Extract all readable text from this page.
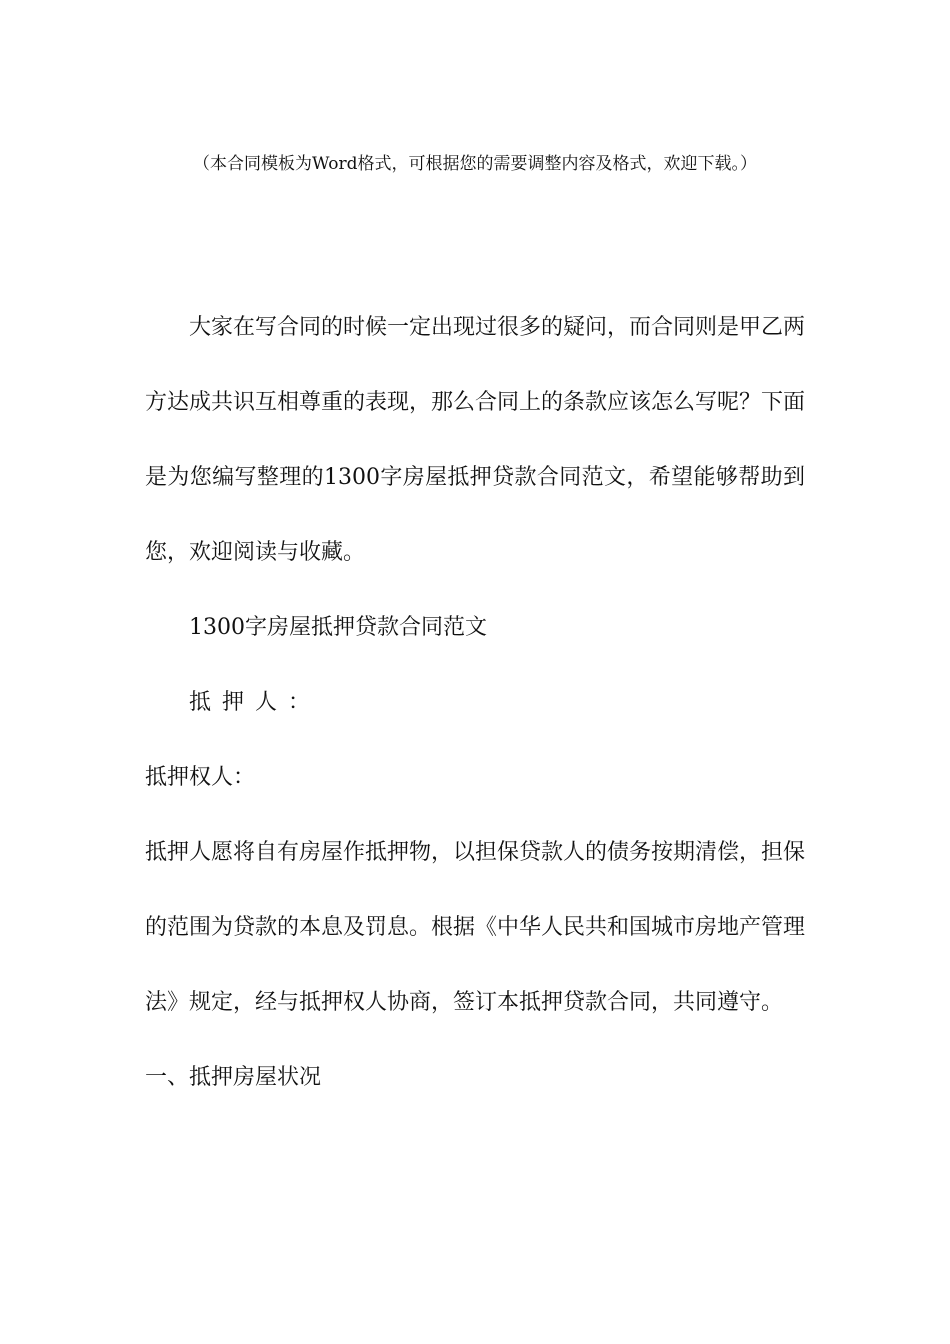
（本合同模板为Word格式，可根据您的需要调整内容及格式，欢迎下载。）

大家在写合同的时候一定出现过很多的疑问，而合同则是甲乙两方达成共识互相尊重的表现，那么合同上的条款应该怎么写呢？下面是为您编写整理的1300字房屋抵押贷款合同范文，希望能够帮助到您，欢迎阅读与收藏。

1300字房屋抵押贷款合同范文

抵押人：

抵押权人：

抵押人愿将自有房屋作抵押物，以担保贷款人的债务按期清偿，担保的范围为贷款的本息及罚息。根据《中华人民共和国城市房地产管理法》规定，经与抵押权人协商，签订本抵押贷款合同，共同遵守。

一、抵押房屋状况
